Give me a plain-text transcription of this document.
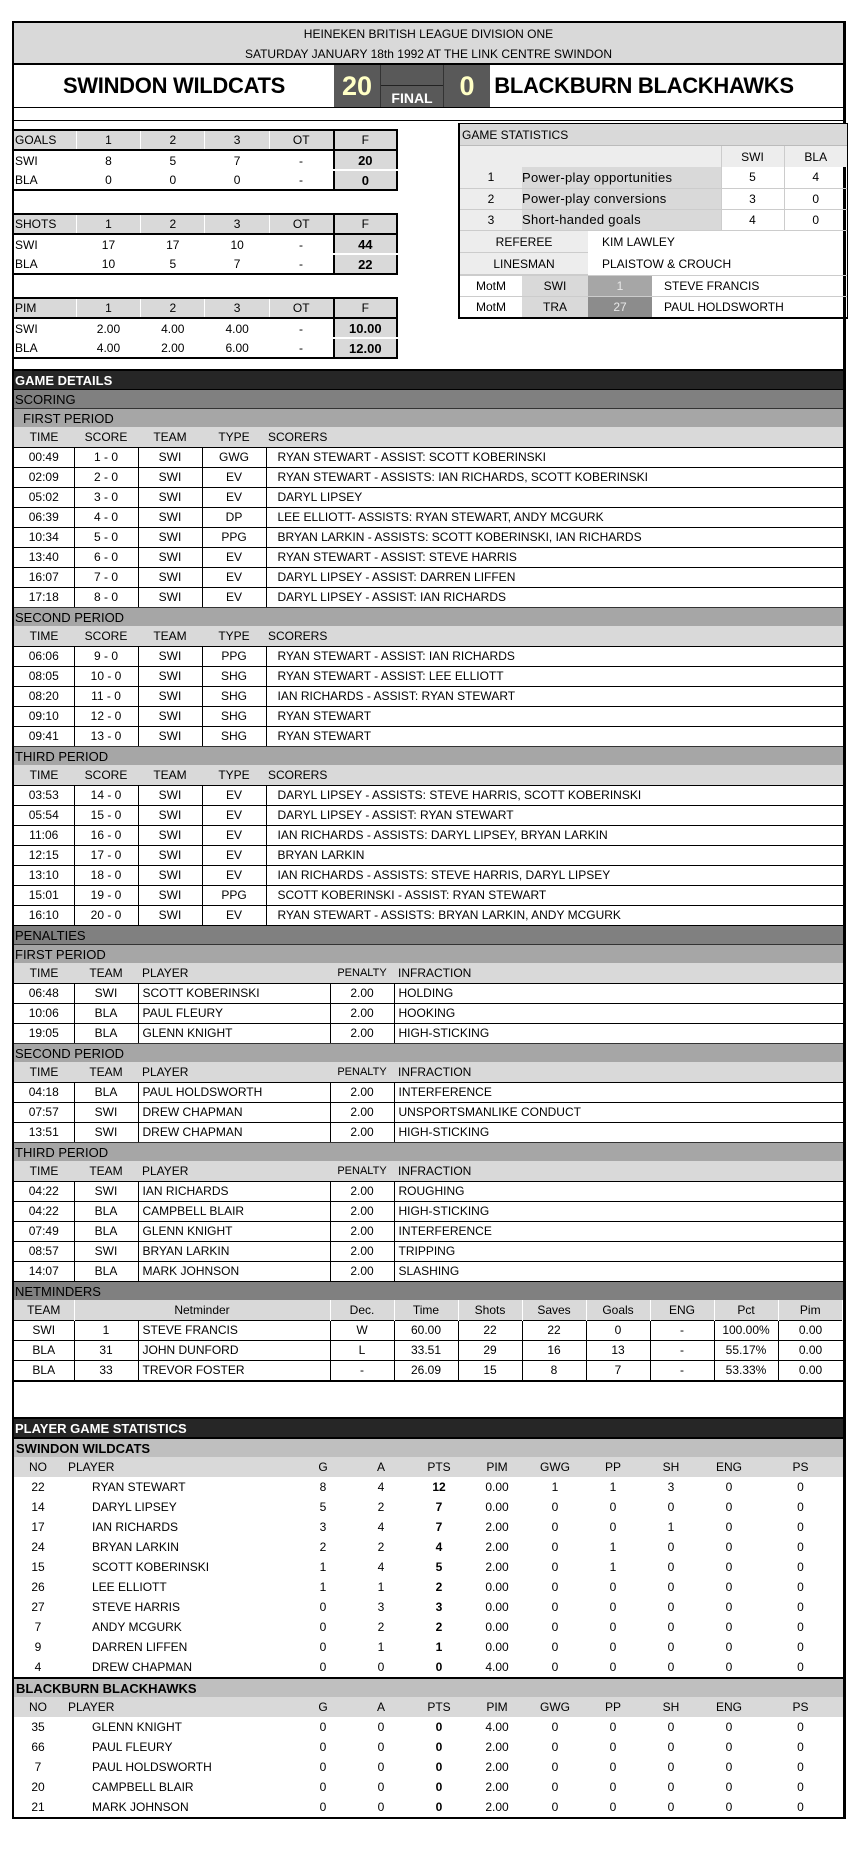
HEINEKEN BRITISH LEAGUE DIVISION ONE
SATURDAY JANUARY 18th 1992 AT THE LINK CENTRE SWINDON
SWINDON WILDCATS	20	FINAL 0 BLACKBURN BLACKHAWKS
GOALS	1	2	3	OT	F
SWI	8	5	7	-	20
BLA	0	0	0	-	0
SHOTS	1	2	3	OT	F
SWI	17	17	10	-	44
BLA	10	5	7	-	22
PIM	1	2	3	OT	F
SWI	2.00	4.00	4.00	-	10.00
BLA	4.00	2.00	6.00	-	12.00
GAME STATISTICS
		SWI	BLA
1	Power-play opportunities	5	4
2	Power-play conversions	3	0
3	Short-handed goals	4	0
REFEREE	KIM LAWLEY
LINESMAN	PLAISTOW & CROUCH
MotM	SWI	1	STEVE FRANCIS
MotM	TRA	27	PAUL HOLDSWORTH
GAME DETAILS
SCORING
FIRST PERIOD
TIME	SCORE	TEAM	TYPE	SCORERS
00:49	1 - 0	SWI	GWG	RYAN STEWART - ASSIST: SCOTT KOBERINSKI
02:09	2 - 0	SWI	EV	RYAN STEWART - ASSISTS: IAN RICHARDS, SCOTT KOBERINSKI
05:02	3 - 0	SWI	EV	DARYL LIPSEY
06:39	4 - 0	SWI	DP	LEE ELLIOTT- ASSISTS: RYAN STEWART, ANDY MCGURK
10:34	5 - 0	SWI	PPG	BRYAN LARKIN - ASSISTS: SCOTT KOBERINSKI, IAN RICHARDS
13:40	6 - 0	SWI	EV	RYAN STEWART - ASSIST: STEVE HARRIS
16:07	7 - 0	SWI	EV	DARYL LIPSEY - ASSIST: DARREN LIFFEN
17:18	8 - 0	SWI	EV	DARYL LIPSEY - ASSIST: IAN RICHARDS
SECOND PERIOD
TIME	SCORE	TEAM	TYPE	SCORERS
06:06	9 - 0	SWI	PPG	RYAN STEWART - ASSIST: IAN RICHARDS
08:05	10 - 0	SWI	SHG	RYAN STEWART - ASSIST: LEE ELLIOTT
08:20	11 - 0	SWI	SHG	IAN RICHARDS - ASSIST: RYAN STEWART
09:10	12 - 0	SWI	SHG	RYAN STEWART
09:41	13 - 0	SWI	SHG	RYAN STEWART
THIRD PERIOD
TIME	SCORE	TEAM	TYPE	SCORERS
03:53	14 - 0	SWI	EV	DARYL LIPSEY - ASSISTS: STEVE HARRIS, SCOTT KOBERINSKI
05:54	15 - 0	SWI	EV	DARYL LIPSEY - ASSIST: RYAN STEWART
11:06	16 - 0	SWI	EV	IAN RICHARDS - ASSISTS: DARYL LIPSEY, BRYAN LARKIN
12:15	17 - 0	SWI	EV	BRYAN LARKIN
13:10	18 - 0	SWI	EV	IAN RICHARDS - ASSISTS: STEVE HARRIS, DARYL LIPSEY
15:01	19 - 0	SWI	PPG	SCOTT KOBERINSKI - ASSIST: RYAN STEWART
16:10	20 - 0	SWI	EV	RYAN STEWART - ASSISTS: BRYAN LARKIN, ANDY MCGURK
PENALTIES
FIRST PERIOD
TIME	TEAM	PLAYER	PENALTY	INFRACTION
06:48	SWI	SCOTT KOBERINSKI	2.00	HOLDING
10:06	BLA	PAUL FLEURY	2.00	HOOKING
19:05	BLA	GLENN KNIGHT	2.00	HIGH-STICKING
SECOND PERIOD
TIME	TEAM	PLAYER	PENALTY	INFRACTION
04:18	BLA	PAUL HOLDSWORTH	2.00	INTERFERENCE
07:57	SWI	DREW CHAPMAN	2.00	UNSPORTSMANLIKE CONDUCT
13:51	SWI	DREW CHAPMAN	2.00	HIGH-STICKING
THIRD PERIOD
TIME	TEAM	PLAYER	PENALTY	INFRACTION
04:22	SWI	IAN RICHARDS	2.00	ROUGHING
04:22	BLA	CAMPBELL BLAIR	2.00	HIGH-STICKING
07:49	BLA	GLENN KNIGHT	2.00	INTERFERENCE
08:57	SWI	BRYAN LARKIN	2.00	TRIPPING
14:07	BLA	MARK JOHNSON	2.00	SLASHING
NETMINDERS
TEAM	Netminder		Dec.	Time	Shots	Saves	Goals	ENG	Pct	Pim
SWI	1	STEVE FRANCIS	W	60.00	22	22	0	-	100.00%	0.00
BLA	31	JOHN DUNFORD	L	33.51	29	16	13	-	55.17%	0.00
BLA	33	TREVOR FOSTER	-	26.09	15	8	7	-	53.33%	0.00
PLAYER GAME STATISTICS
SWINDON WILDCATS
NO	PLAYER	G	A	PTS	PIM	GWG	PP	SH	ENG	PS
22	RYAN STEWART	8	4	12	0.00	1	1	3	0	0
14	DARYL LIPSEY	5	2	7	0.00	0	0	0	0	0
17	IAN RICHARDS	3	4	7	2.00	0	0	1	0	0
24	BRYAN LARKIN	2	2	4	2.00	0	1	0	0	0
15	SCOTT KOBERINSKI	1	4	5	2.00	0	1	0	0	0
26	LEE ELLIOTT	1	1	2	0.00	0	0	0	0	0
27	STEVE HARRIS	0	3	3	0.00	0	0	0	0	0
7	ANDY MCGURK	0	2	2	0.00	0	0	0	0	0
9	DARREN LIFFEN	0	1	1	0.00	0	0	0	0	0
4	DREW CHAPMAN	0	0	0	4.00	0	0	0	0	0
BLACKBURN BLACKHAWKS
NO	PLAYER	G	A	PTS	PIM	GWG	PP	SH	ENG	PS
35	GLENN KNIGHT	0	0	0	4.00	0	0	0	0	0
66	PAUL FLEURY	0	0	0	2.00	0	0	0	0	0
7	PAUL HOLDSWORTH	0	0	0	2.00	0	0	0	0	0
20	CAMPBELL BLAIR	0	0	0	2.00	0	0	0	0	0
21	MARK JOHNSON	0	0	0	2.00	0	0	0	0	0
